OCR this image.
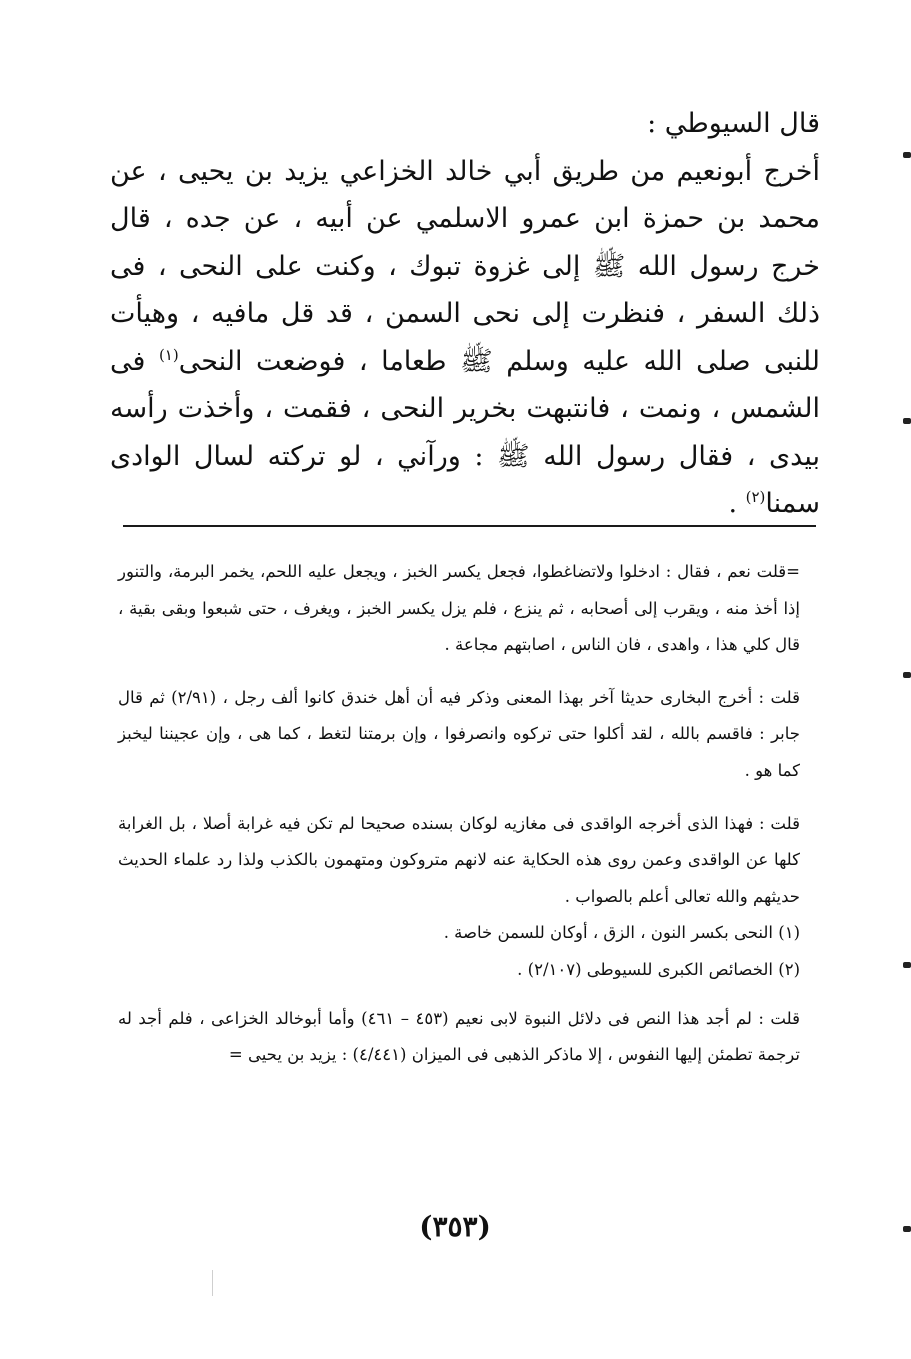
قال السيوطي :

أخرج أبونعيم من طريق أبي خالد الخزاعي يزيد بن يحيى ، عن محمد بن حمزة ابن عمرو الاسلمي عن أبيه ، عن جده ، قال خرج رسول الله ﷺ إلى غزوة تبوك ، وكنت على النحى ، فى ذلك السفر ، فنظرت إلى نحى السمن ، قد قل مافيه ، وهيأت للنبى صلى الله عليه وسلم ﷺ طعاما ، فوضعت النحى$^{(١)}$ فى الشمس ، ونمت ، فانتبهت بخرير النحى ، فقمت ، وأخذت رأسه بيدى ، فقال رسول الله ﷺ : ورآني ، لو تركته لسال الوادى سمنا$^{(٢)}$ .

=قلت نعم ، فقال : ادخلوا ولاتضاغطوا، فجعل يكسر الخبز ، ويجعل عليه اللحم، يخمر البرمة، والتنور إذا أخذ منه ، ويقرب إلى أصحابه ، ثم ينزع ، فلم يزل يكسر الخبز ، ويغرف ، حتى شبعوا وبقى بقية ، قال كلي هذا ، واهدى ، فان الناس ، اصابتهم مجاعة .

قلت : أخرج البخارى حديثا آخر بهذا المعنى وذكر فيه أن أهل خندق كانوا ألف رجل ، (٢/٩١) ثم قال جابر : فاقسم بالله ، لقد أكلوا حتى تركوه وانصرفوا ، وإن برمتنا لتغط ، كما هى ، وإن عجيننا ليخبز كما هو .

قلت : فهذا الذى أخرجه الواقدى فى مغازيه لوكان بسنده صحيحا لم تكن فيه غرابة أصلا ، بل الغرابة كلها عن الواقدى وعمن روى هذه الحكاية عنه لانهم متروكون ومتهمون بالكذب ولذا رد علماء الحديث حديثهم والله تعالى أعلم بالصواب .

(١) النحى بكسر النون ، الزق ، أوكان للسمن خاصة .

(٢) الخصائص الكبرى للسيوطى (٢/١٠٧) .

قلت : لم أجد هذا النص فى دلائل النبوة لابى نعيم (٤٥٣ – ٤٦١) وأما أبوخالد الخزاعى ، فلم أجد له ترجمة تطمئن إليها النفوس ، إلا ماذكر الذهبى فى الميزان (٤/٤٤١) : يزيد بن يحيى =

(٣٥٣)
